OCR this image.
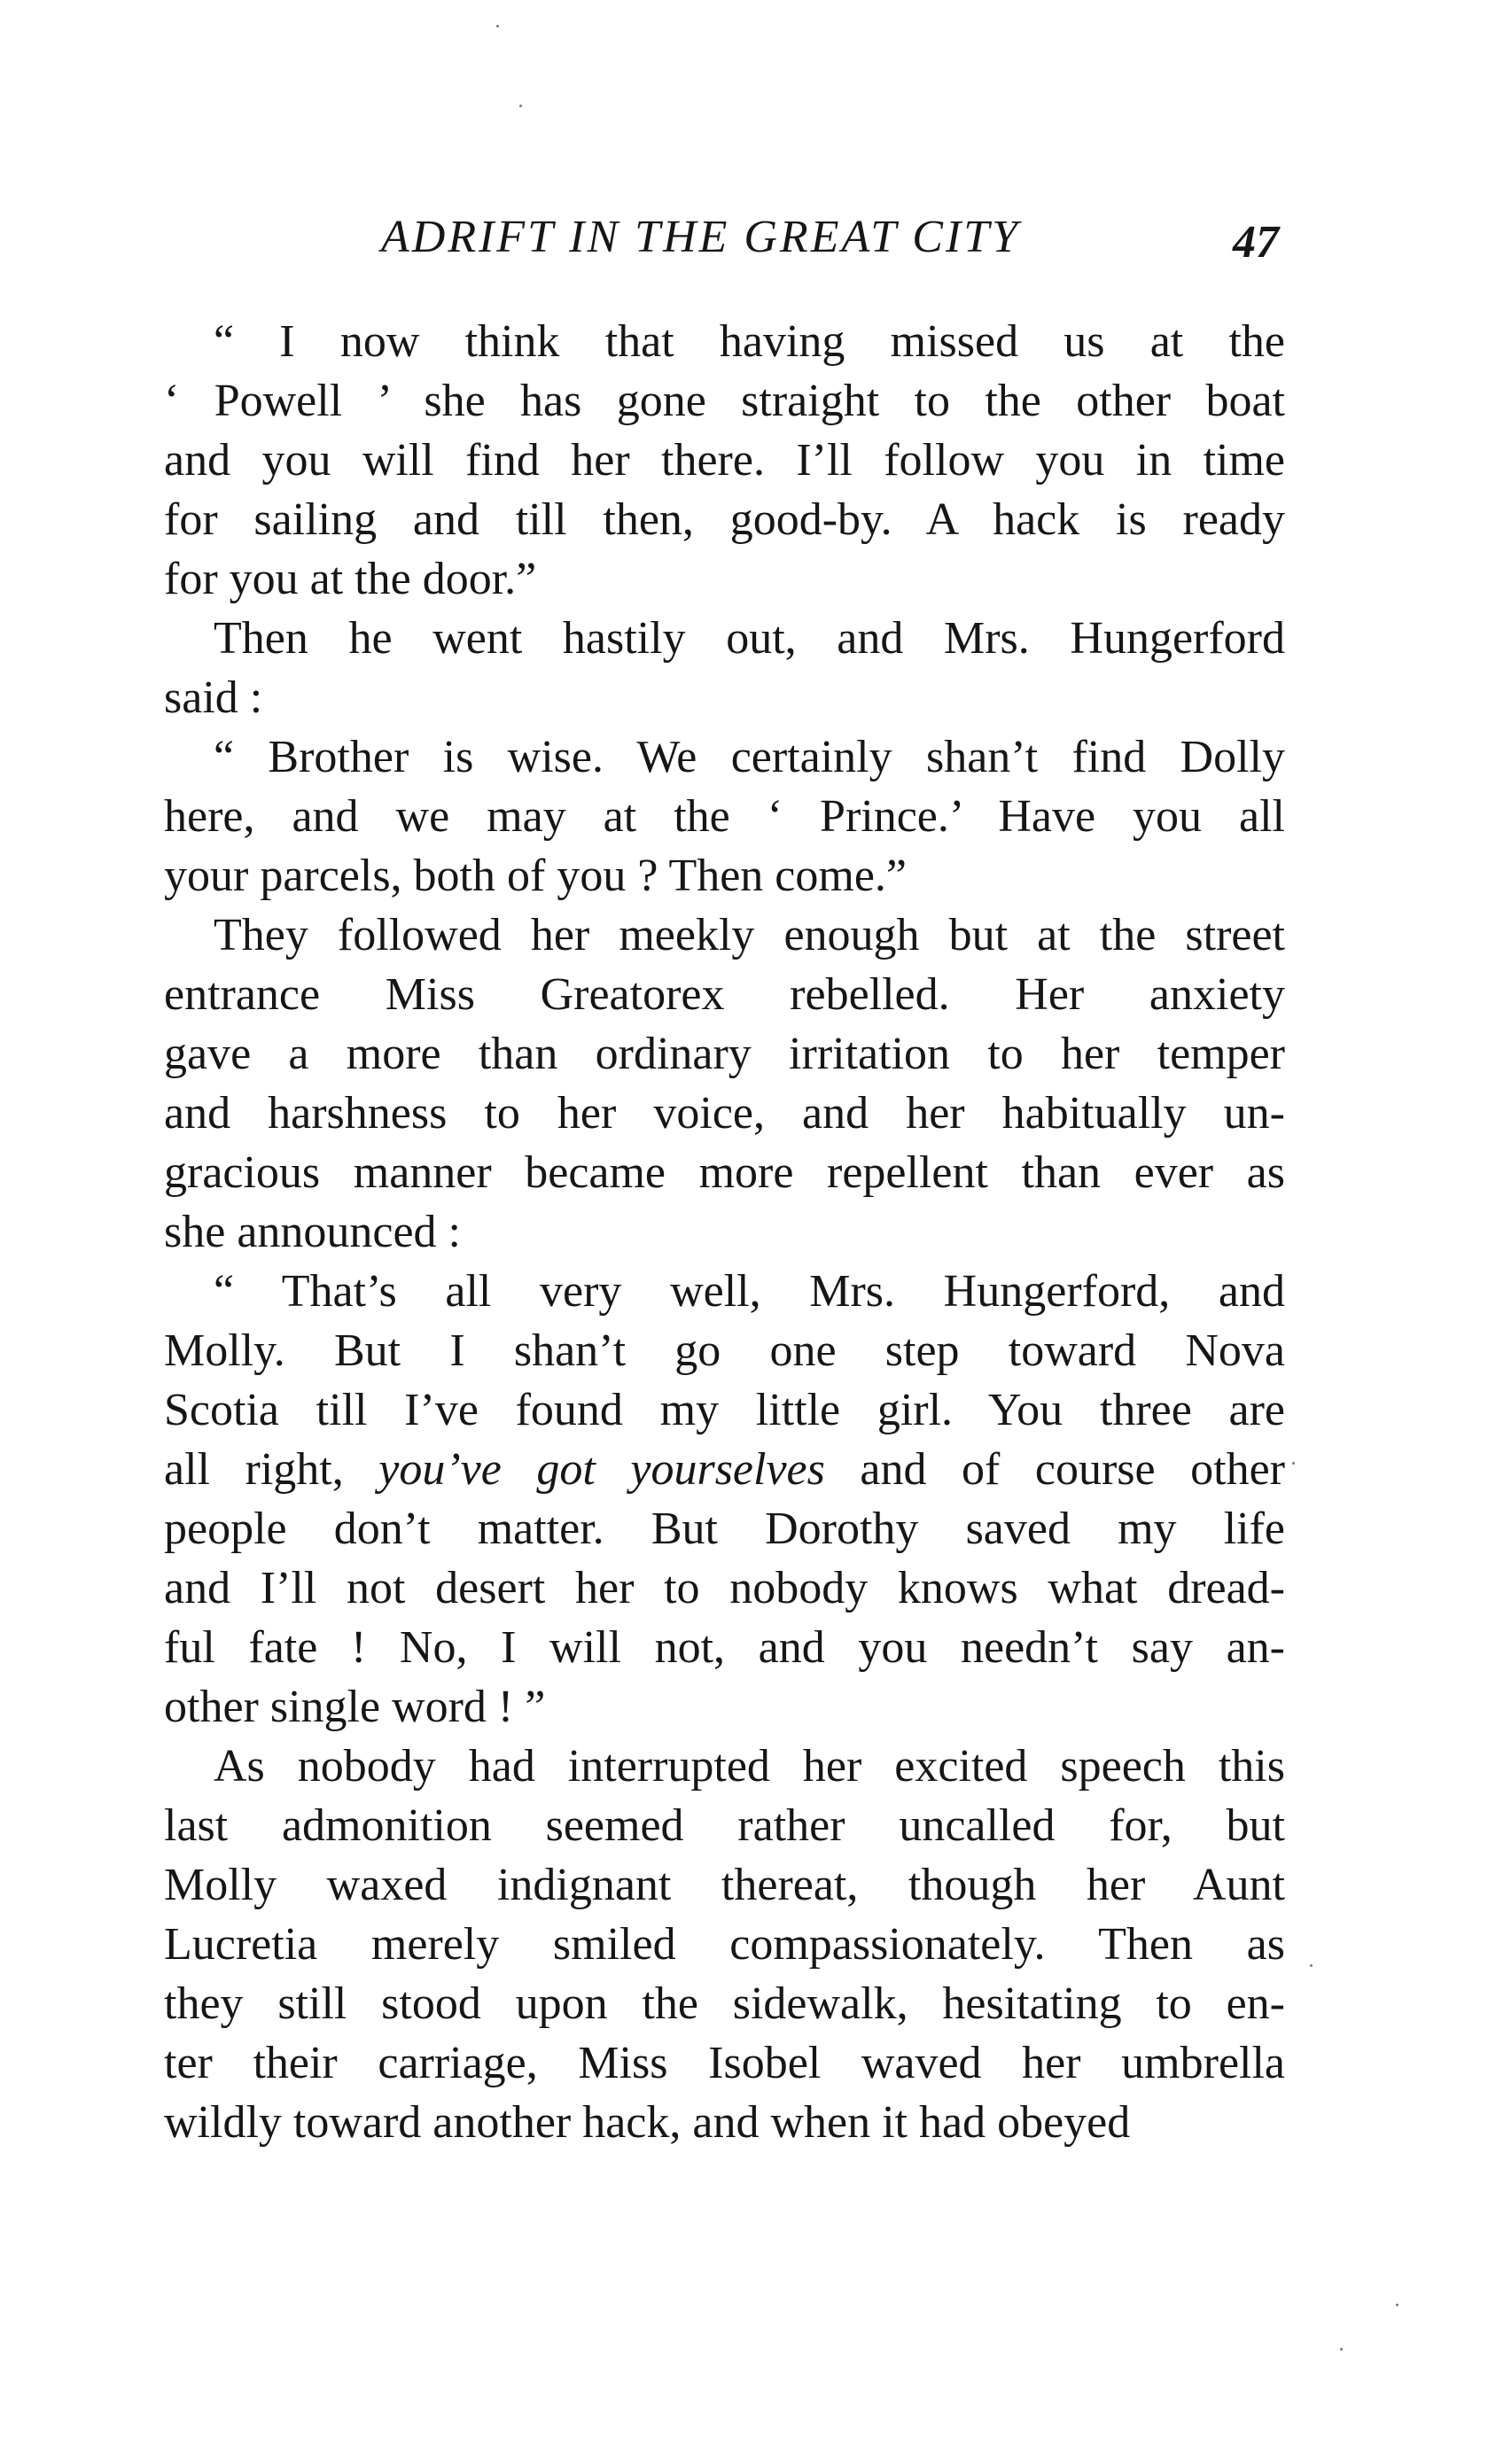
ADRIFT IN THE GREAT CITY	47
“ I now think that having missed us at the
‘ Powell ’ she has gone straight to the other boat
and you will find her there. I’ll follow you in time
for sailing and till then, good-by. A hack is ready
for you at the door.”
Then he went hastily out, and Mrs. Hungerford
said :
“ Brother is wise. We certainly shan’t find Dolly
here, and we may at the ‘ Prince.’ Have you all
your parcels, both of you ? Then come.”
They followed her meekly enough but at the street
entrance Miss Greatorex rebelled. Her anxiety
gave a more than ordinary irritation to her temper
and harshness to her voice, and her habitually un-
gracious manner became more repellent than ever as
she announced :
“ That’s all very well, Mrs. Hungerford, and
Molly. But I shan’t go one step toward Nova
Scotia till I’ve found my little girl. You three are
all right, you’ve got yourselves and of course other
people don’t matter. But Dorothy saved my life
and I’ll not desert her to nobody knows what dread-
ful fate ! No, I will not, and you needn’t say an-
other single word ! ”
As nobody had interrupted her excited speech this
last admonition seemed rather uncalled for, but
Molly waxed indignant thereat, though her Aunt
Lucretia merely smiled compassionately. Then as
they still stood upon the sidewalk, hesitating to en-
ter their carriage, Miss Isobel waved her umbrella
wildly toward another hack, and when it had obeyed
